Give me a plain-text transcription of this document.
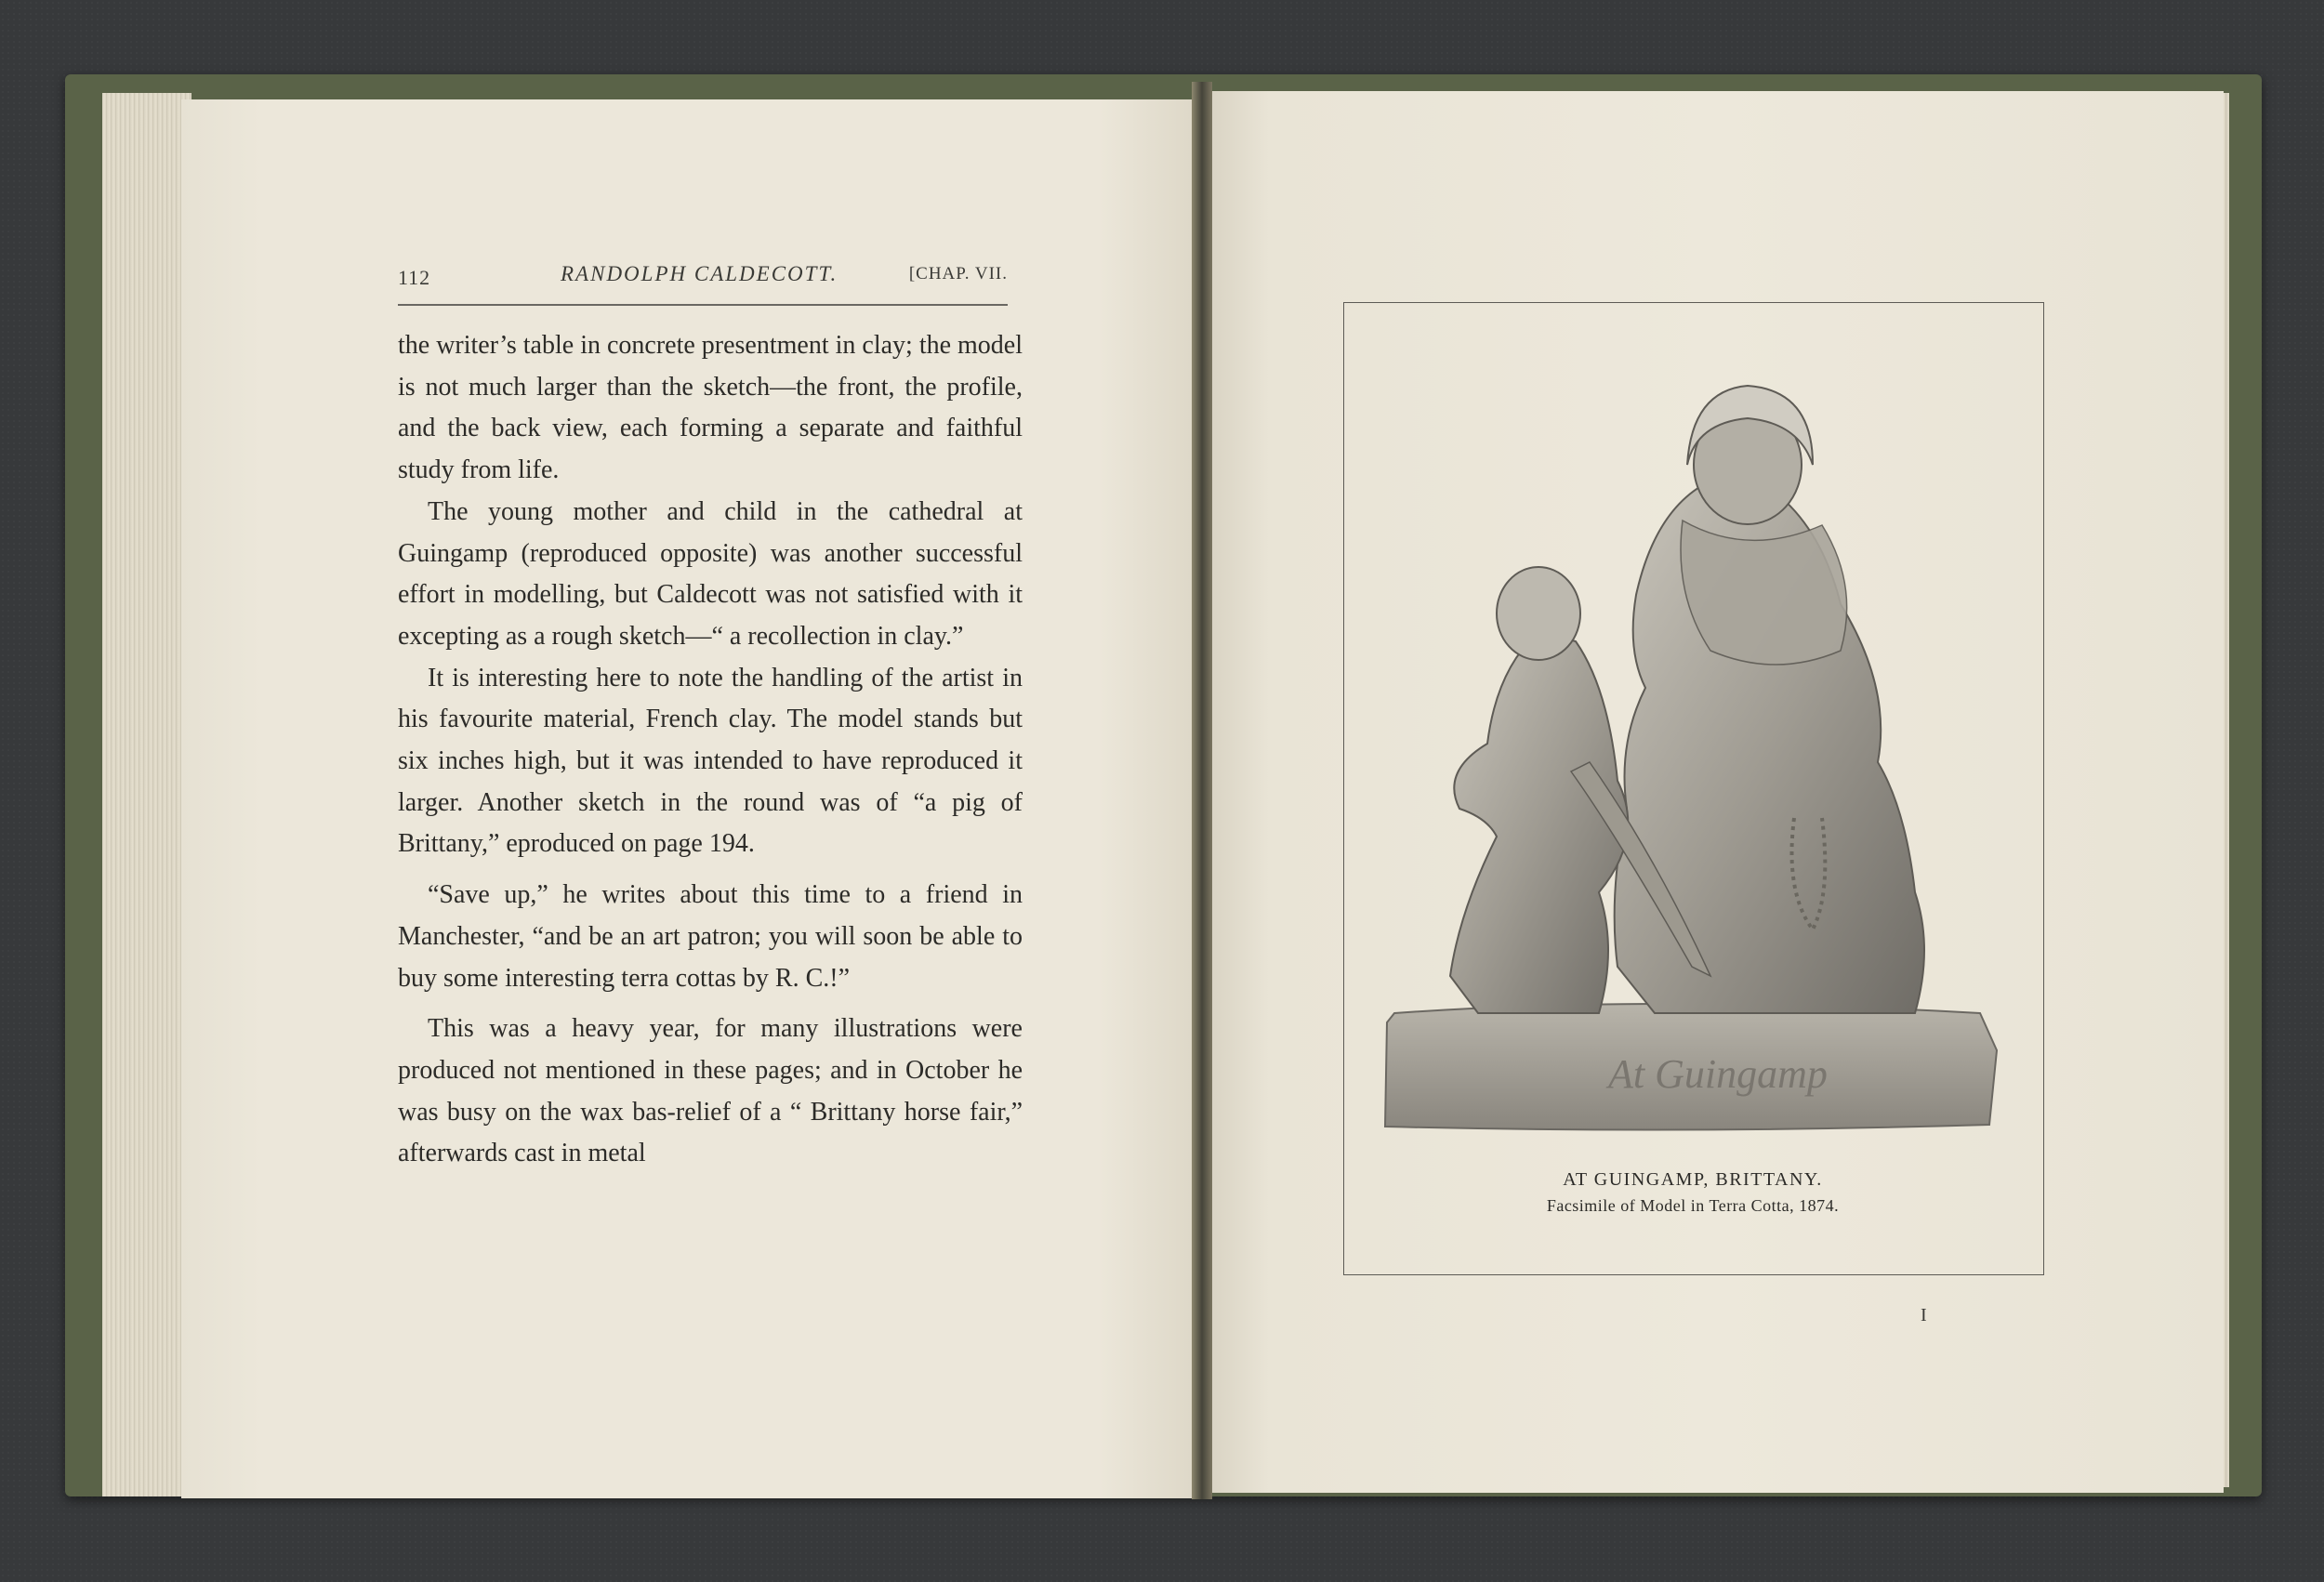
112	RANDOLPH CALDECOTT.	[CHAP. VII.

the writer’s table in concrete presentment in clay; the model is not much larger than the sketch—the front, the profile, and the back view, each forming a separate and faithful study from life.

The young mother and child in the cathedral at Guingamp (reproduced opposite) was another successful effort in modelling, but Caldecott was not satisfied with it excepting as a rough sketch—“ a recollection in clay.”

It is interesting here to note the handling of the artist in his favourite material, French clay. The model stands but six inches high, but it was intended to have reproduced it larger. Another sketch in the round was of “a pig of Brittany,” eproduced on page 194.

“Save up,” he writes about this time to a friend in Manchester, “and be an art patron; you will soon be able to buy some interesting terra cottas by R. C.!”

This was a heavy year, for many illustrations were produced not mentioned in these pages; and in October he was busy on the wax bas-relief of a “ Brittany horse fair,” afterwards cast in metal

At Guingamp
AT GUINGAMP, BRITTANY.
Facsimile of Model in Terra Cotta, 1874.
I
6
